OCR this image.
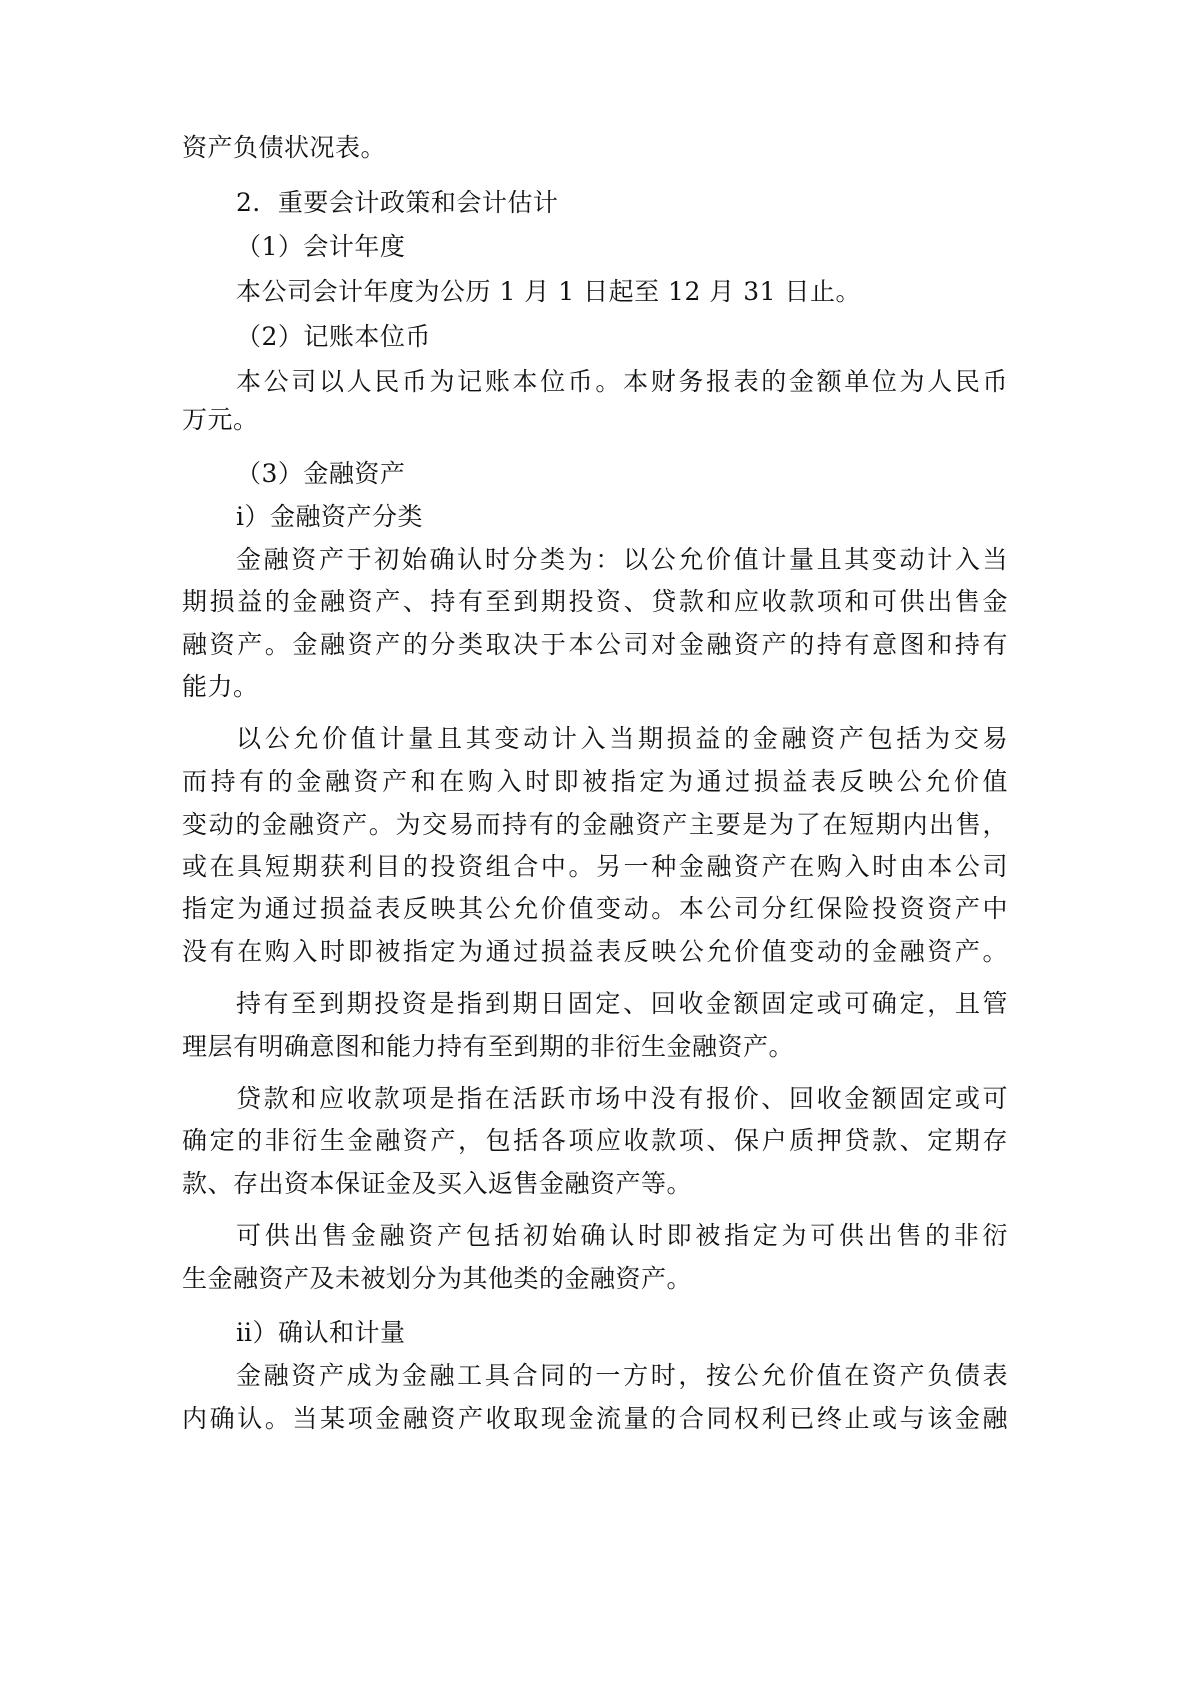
资产负债状况表。

2．重要会计政策和会计估计

（1）会计年度

本公司会计年度为公历 1 月 1 日起至 12 月 31 日止。

（2）记账本位币

本公司以人民币为记账本位币。本财务报表的金额单位为人民币

万元。

（3）金融资产

ⅰ）金融资产分类

金融资产于初始确认时分类为：以公允价值计量且其变动计入当

期损益的金融资产、持有至到期投资、贷款和应收款项和可供出售金

融资产。金融资产的分类取决于本公司对金融资产的持有意图和持有

能力。

以公允价值计量且其变动计入当期损益的金融资产包括为交易

而持有的金融资产和在购入时即被指定为通过损益表反映公允价值

变动的金融资产。为交易而持有的金融资产主要是为了在短期内出售，

或在具短期获利目的投资组合中。另一种金融资产在购入时由本公司

指定为通过损益表反映其公允价值变动。本公司分红保险投资资产中

没有在购入时即被指定为通过损益表反映公允价值变动的金融资产。

持有至到期投资是指到期日固定、回收金额固定或可确定，且管

理层有明确意图和能力持有至到期的非衍生金融资产。

贷款和应收款项是指在活跃市场中没有报价、回收金额固定或可

确定的非衍生金融资产，包括各项应收款项、保户质押贷款、定期存

款、存出资本保证金及买入返售金融资产等。

可供出售金融资产包括初始确认时即被指定为可供出售的非衍

生金融资产及未被划分为其他类的金融资产。

ⅱ）确认和计量

金融资产成为金融工具合同的一方时，按公允价值在资产负债表

内确认。当某项金融资产收取现金流量的合同权利已终止或与该金融
